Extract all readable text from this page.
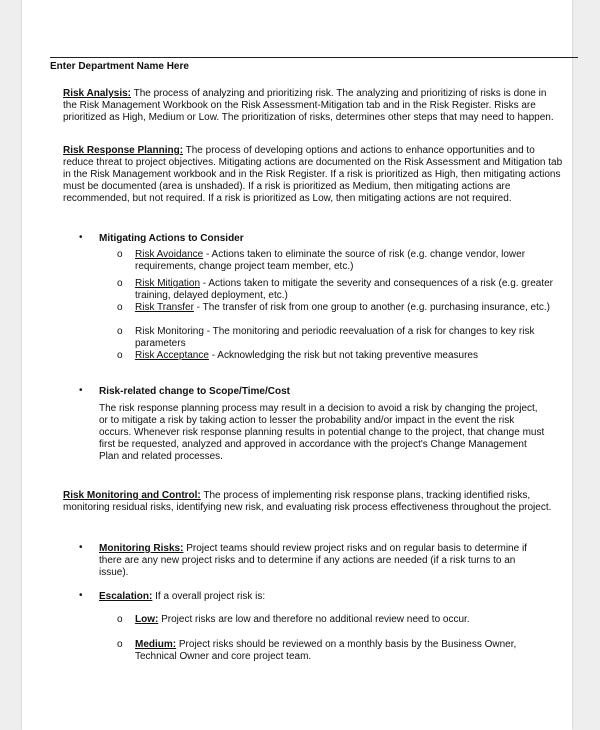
Enter Department Name Here
Risk Analysis: The process of analyzing and prioritizing risk. The analyzing and prioritizing of risks is done in the Risk Management Workbook on the Risk Assessment-Mitigation tab and in the Risk Register. Risks are prioritized as High, Medium or Low. The prioritization of risks, determines other steps that may need to happen.
Risk Response Planning: The process of developing options and actions to enhance opportunities and to reduce threat to project objectives. Mitigating actions are documented on the Risk Assessment and Mitigation tab in the Risk Management workbook and in the Risk Register. If a risk is prioritized as High, then mitigating actions must be documented (area is unshaded). If a risk is prioritized as Medium, then mitigating actions are recommended, but not required. If a risk is prioritized as Low, then mitigating actions are not required.
• Mitigating Actions to Consider
o Risk Avoidance - Actions taken to eliminate the source of risk (e.g. change vendor, lower requirements, change project team member, etc.)
o Risk Mitigation - Actions taken to mitigate the severity and consequences of a risk (e.g. greater training, delayed deployment, etc.)
o Risk Transfer - The transfer of risk from one group to another (e.g. purchasing insurance, etc.)
o Risk Monitoring - The monitoring and periodic reevaluation of a risk for changes to key risk parameters
o Risk Acceptance - Acknowledging the risk but not taking preventive measures
• Risk-related change to Scope/Time/Cost
The risk response planning process may result in a decision to avoid a risk by changing the project, or to mitigate a risk by taking action to lesser the probability and/or impact in the event the risk occurs. Whenever risk response planning results in potential change to the project, that change must first be requested, analyzed and approved in accordance with the project's Change Management Plan and related processes.
Risk Monitoring and Control: The process of implementing risk response plans, tracking identified risks, monitoring residual risks, identifying new risk, and evaluating risk process effectiveness throughout the project.
• Monitoring Risks: Project teams should review project risks and on regular basis to determine if there are any new project risks and to determine if any actions are needed (if a risk turns to an issue).
• Escalation: If a overall project risk is:
o Low: Project risks are low and therefore no additional review need to occur.
o Medium: Project risks should be reviewed on a monthly basis by the Business Owner, Technical Owner and core project team.
